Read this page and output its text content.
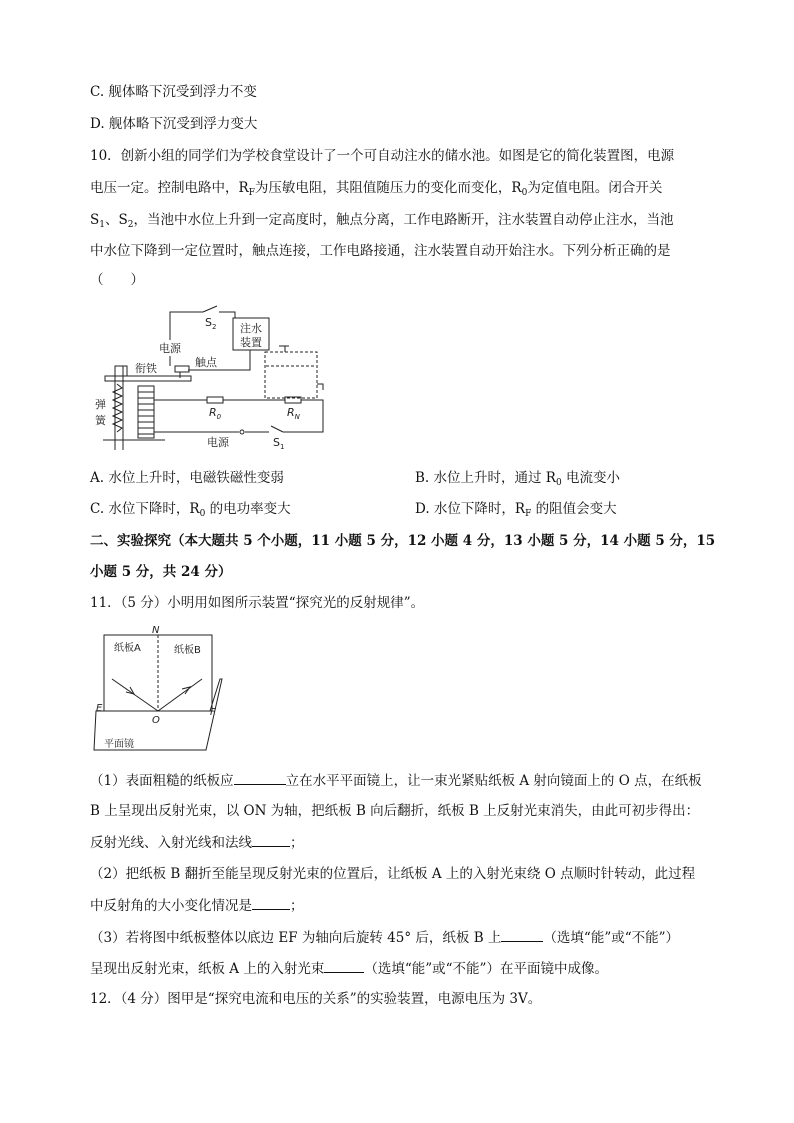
C. 舰体略下沉受到浮力不变
D. 舰体略下沉受到浮力变大
10．创新小组的同学们为学校食堂设计了一个可自动注水的储水池。如图是它的简化装置图，电源
电压一定。控制电路中，$R_F$为压敏电阻，其阻值随压力的变化而变化，$R_0$为定值电阻。闭合开关
$S_1$、$S_2$，当池中水位上升到一定高度时，触点分离，工作电路断开，注水装置自动停止注水，当池
中水位下降到一定位置时，触点连接，工作电路接通，注水装置自动开始注水。下列分析正确的是
（　　）
$S_2$
电源
注水
装置
衔铁	触点
弹
簧
$R_0$	$R_N$
电源	$S_1$
A. 水位上升时，电磁铁磁性变弱	B. 水位上升时，通过 $R_0$ 电流变小
C. 水位下降时，$R_0$ 的电功率变大	D. 水位下降时，$R_F$ 的阻值会变大
二、实验探究（本大题共 5 个小题，11 小题 5 分，12 小题 4 分，13 小题 5 分，14 小题 5 分，15
小题 5 分，共 24 分）
11．（5 分）小明用如图所示装置“探究光的反射规律”。
N
纸板A	纸板B
E
O
F
平面镜
（1）表面粗糙的纸板应	立在水平平面镜上，让一束光紧贴纸板 A 射向镜面上的 O 点，在纸板
B 上呈现出反射光束，以 ON 为轴，把纸板 B 向后翻折，纸板 B 上反射光束消失，由此可初步得出：
反射光线、入射光线和法线	；
（2）把纸板 B 翻折至能呈现反射光束的位置后，让纸板 A 上的入射光束绕 O 点顺时针转动，此过程
中反射角的大小变化情况是	；
（3）若将图中纸板整体以底边 EF 为轴向后旋转 45° 后，纸板 B 上	（选填“能”或“不能”）
呈现出反射光束，纸板 A 上的入射光束	（选填“能”或“不能”）在平面镜中成像。
12．（4 分）图甲是“探究电流和电压的关系”的实验装置，电源电压为 3V。
